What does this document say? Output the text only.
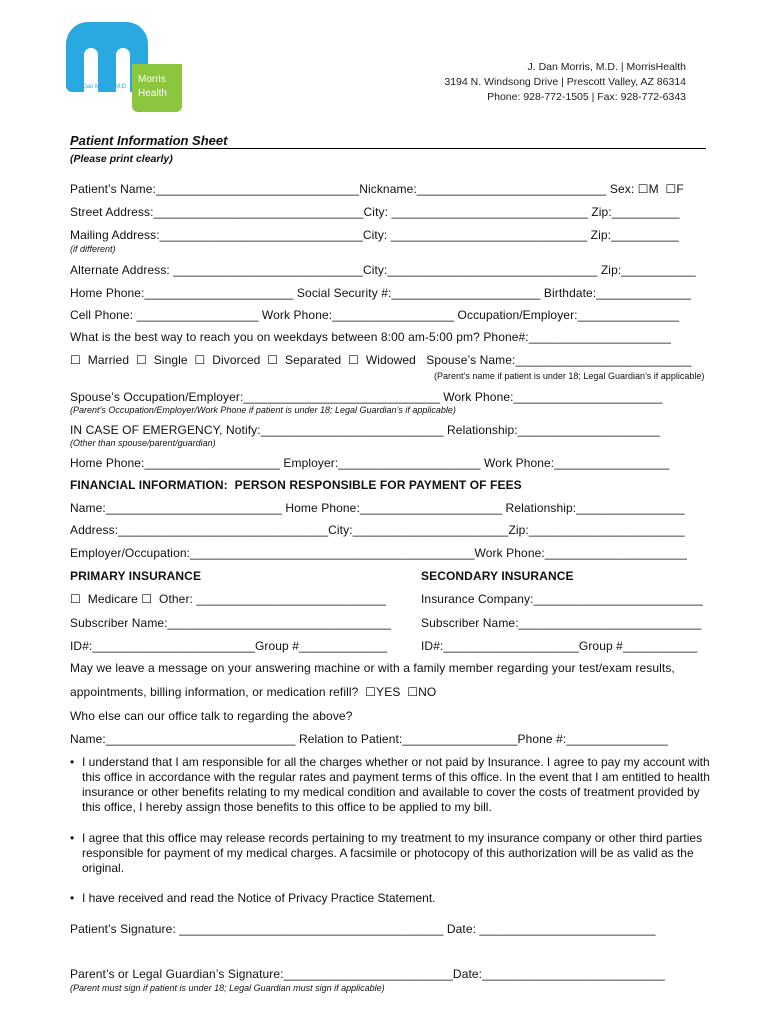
J. Dan Morris, M.D.
Morris
Health
J. Dan Morris, M.D. | MorrisHealth
3194 N. Windsong Drive | Prescott Valley, AZ 86314
Phone: 928-772-1505 | Fax: 928-772-6343
Patient Information Sheet
(Please print clearly)
Patient’s Name:______________________________Nickname:____________________________ Sex: ☐M  ☐F
Street Address:_______________________________City: _____________________________ Zip:__________
Mailing Address:______________________________City: _____________________________ Zip:__________
(if different)
Alternate Address: ____________________________City:_______________________________ Zip:___________
Home Phone:______________________ Social Security #:______________________ Birthdate:______________
Cell Phone: __________________ Work Phone:__________________ Occupation/Employer:_______________
What is the best way to reach you on weekdays between 8:00 am-5:00 pm? Phone#:_____________________
☐  Married  ☐  Single  ☐  Divorced  ☐  Separated  ☐  Widowed   Spouse’s Name:__________________________
(Parent’s name if patient is under 18; Legal Guardian’s if applicable)
Spouse’s Occupation/Employer:_____________________________ Work Phone:______________________
(Parent’s Occupation/Employer/Work Phone if patient is under 18; Legal Guardian’s if applicable)
IN CASE OF EMERGENCY, Notify:___________________________ Relationship:_____________________
(Other than spouse/parent/guardian)
Home Phone:____________________ Employer:_____________________ Work Phone:_________________
FINANCIAL INFORMATION:  PERSON RESPONSIBLE FOR PAYMENT OF FEES
Name:__________________________ Home Phone:_____________________ Relationship:________________
Address:_______________________________City:_______________________Zip:_______________________
Employer/Occupation:__________________________________________Work Phone:_____________________
PRIMARY INSURANCE	SECONDARY INSURANCE
☐  Medicare ☐  Other: ____________________________	Insurance Company:_________________________
Subscriber Name:_________________________________ Subscriber Name:___________________________
ID#:________________________Group #_____________	ID#:____________________Group #___________
May we leave a message on your answering machine or with a family member regarding your test/exam results,
appointments, billing information, or medication refill?  ☐YES  ☐NO
Who else can our office talk to regarding the above?
Name:____________________________ Relation to Patient:_________________Phone #:_______________
• I understand that I am responsible for all the charges whether or not paid by Insurance. I agree to pay my account with this office in accordance with the regular rates and payment terms of this office. In the event that I am entitled to health insurance or other benefits relating to my medical condition and available to cover the costs of treatment provided by this office, I hereby assign those benefits to this office to be applied to my bill.
• I agree that this office may release records pertaining to my treatment to my insurance company or other third parties responsible for payment of my medical charges. A facsimile or photocopy of this authorization will be as valid as the original.
• I have received and read the Notice of Privacy Practice Statement.
Patient’s Signature: _______________________________________ Date: __________________________
Parent’s or Legal Guardian’s Signature:_________________________Date:___________________________
(Parent must sign if patient is under 18; Legal Guardian must sign if applicable)
